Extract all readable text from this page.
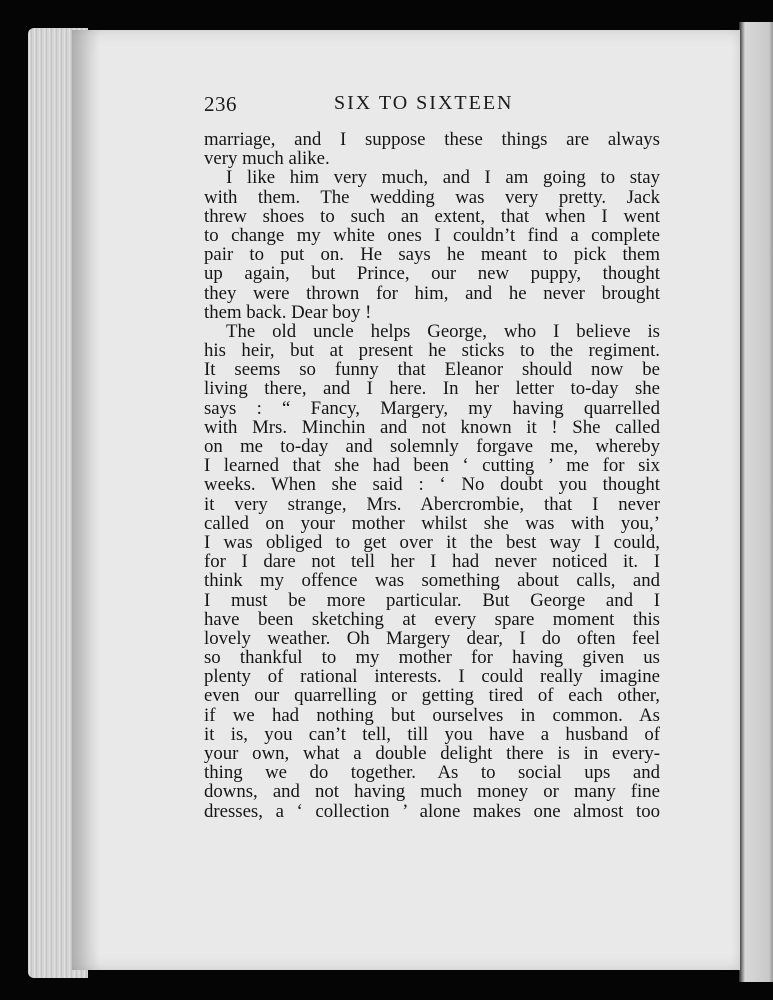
236	SIX TO SIXTEEN
marriage, and I suppose these things are always
very much alike.
I like him very much, and I am going to stay
with them. The wedding was very pretty. Jack
threw shoes to such an extent, that when I went
to change my white ones I couldn’t find a complete
pair to put on. He says he meant to pick them
up again, but Prince, our new puppy, thought
they were thrown for him, and he never brought
them back. Dear boy !
The old uncle helps George, who I believe is
his heir, but at present he sticks to the regiment.
It seems so funny that Eleanor should now be
living there, and I here. In her letter to-day she
says : “ Fancy, Margery, my having quarrelled
with Mrs. Minchin and not known it ! She called
on me to-day and solemnly forgave me, whereby
I learned that she had been ‘ cutting ’ me for six
weeks. When she said : ‘ No doubt you thought
it very strange, Mrs. Abercrombie, that I never
called on your mother whilst she was with you,’
I was obliged to get over it the best way I could,
for I dare not tell her I had never noticed it. I
think my offence was something about calls, and
I must be more particular. But George and I
have been sketching at every spare moment this
lovely weather. Oh Margery dear, I do often feel
so thankful to my mother for having given us
plenty of rational interests. I could really imagine
even our quarrelling or getting tired of each other,
if we had nothing but ourselves in common. As
it is, you can’t tell, till you have a husband of
your own, what a double delight there is in every-
thing we do together. As to social ups and
downs, and not having much money or many fine
dresses, a ‘ collection ’ alone makes one almost too
